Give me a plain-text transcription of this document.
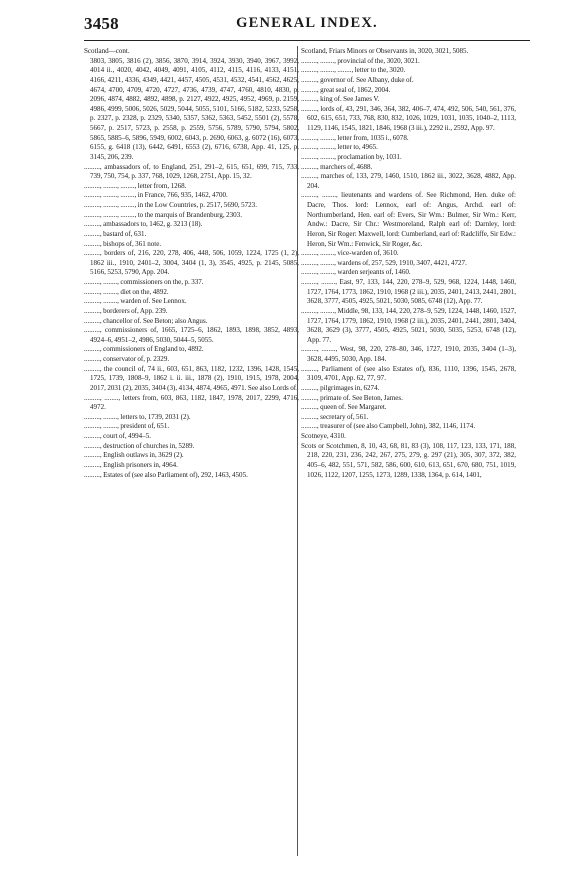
3458	GENERAL INDEX.

Scotland—cont.

3803, 3805, 3816 (2), 3856, 3870, 3914, 3924, 3930, 3940, 3967, 3992, 4014 ii., 4020, 4042, 4049, 4091, 4105, 4112, 4115, 4116, 4133, 4151, 4166, 4211, 4336, 4349, 4421, 4457, 4505, 4531, 4532, 4541, 4562, 4625, 4674, 4700, 4709, 4720, 4727, 4736, 4739, 4747, 4760, 4810, 4830, p. 2096, 4874, 4882, 4892, 4898, p. 2127, 4922, 4925, 4952, 4969, p. 2159, 4986, 4999, 5006, 5026, 5029, 5044, 5055, 5101, 5166, 5182, 5233, 5258, p. 2327, p. 2328, p. 2329, 5340, 5357, 5362, 5363, 5452, 5501 (2), 5578, 5667, p. 2517, 5723, p. 2558, p. 2559, 5756, 5789, 5790, 5794, 5802, 5865, 5885–6, 5896, 5949, 6002, 6043, p. 2690, 6063, g. 6072 (16), 6073, 6155, g. 6418 (13), 6442, 6491, 6553 (2), 6716, 6738, App. 41, 125, p. 3145, 206, 239.

........., ambassadors of, to England, 251, 291–2, 615, 651, 699, 715, 733, 739, 750, 754, p. 337, 768, 1029, 1268, 2751, App. 15, 32.

........., ........, ........, letter from, 1268.

........., ........, ........, in France, 766, 935, 1462, 4700.

........., ........, ........, in the Low Countries, p. 2517, 5690, 5723.

........., ........, ........, to the marquis of Brandenburg, 2303.

........., ambassadors to, 1462, g. 3213 (18).

........., bastard of, 631.

........., bishops of, 361 note.

........., borders of, 216, 220, 278, 406, 448, 506, 1059, 1224, 1725 (1, 2), 1862 iii., 1910, 2401–2, 3004, 3404 (1, 3), 3545, 4925, p. 2145, 5085, 5166, 5253, 5790, App. 204.

........., ........, commissioners on the, p. 337.

........., ........, diet on the, 4892.

........., ........, warden of. See Lennox.

........., borderers of, App. 239.

........., chancellor of. See Beton; also Angus.

........., commissioners of, 1665, 1725–6, 1862, 1893, 1898, 3852, 4893, 4924–6, 4951–2, 4986, 5030, 5044–5, 5055.

........., commissioners of England to, 4892.

........., conservator of, p. 2329.

........., the council of, 74 ii., 603, 651, 863, 1182, 1232, 1396, 1428, 1545, 1725, 1739, 1808–9, 1862 i. ii. iii., 1878 (2), 1910, 1915, 1978, 2004, 2017, 2031 (2), 2035, 3404 (3), 4134, 4874, 4965, 4971. See also Lords of.

........., ........, letters from, 603, 863, 1182, 1847, 1978, 2017, 2299, 4716, 4972.

........., ........, letters to, 1739, 2031 (2).

........., ........, president of, 651.

........., court of, 4994–5.

........., destruction of churches in, 5289.

........., English outlaws in, 3629 (2).

........., English prisoners in, 4964.

........., Estates of (see also Parliament of), 292, 1463, 4505.

Scotland, Friars Minors or Observants in, 3020, 3021, 5085.

........., ........, provincial of the, 3020, 3021.

........., ........, ........, letter to the, 3020.

........., governor of. See Albany, duke of.

........., great seal of, 1862, 2004.

........., king of. See James V.

........., lords of, 43, 291, 346, 364, 382, 406–7, 474, 492, 506, 540, 561, 376, 602, 615, 651, 733, 768, 830, 832, 1026, 1029, 1031, 1035, 1040–2, 1113, 1129, 1146, 1545, 1821, 1846, 1968 (3 iii.), 2292 ii., 2592, App. 97.

........., ........, letter from, 1035 i., 6078.

........., ........, letter to, 4965.

........., ........, proclamation by, 1031.

........., marchers of, 4688.

........., marches of, 133, 279, 1460, 1510, 1862 iii., 3022, 3628, 4882, App. 204.

........., ........, lieutenants and wardens of. See Richmond, Hen. duke of: Dacre, Thos. lord: Lennox, earl of: Angus, Archd. earl of: Northumberland, Hen. earl of: Evers, Sir Wm.: Bulmer, Sir Wm.: Kerr, Andw.: Dacre, Sir Chr.: Westmoreland, Ralph earl of: Darnley, lord: Heron, Sir Roger: Maxwell, lord: Cumberland, earl of: Radcliffe, Sir Edw.: Heron, Sir Wm.: Fenwick, Sir Roger, &c.

........., ........, vice-warden of, 3610.

........., ........, wardens of, 257, 529, 1910, 3407, 4421, 4727.

........., ........, warden serjeants of, 1460.

........., ........, East, 97, 133, 144, 220, 278–9, 529, 968, 1224, 1448, 1460, 1727, 1764, 1773, 1862, 1910, 1968 (2 iii.), 2035, 2401, 2413, 2441, 2801, 3628, 3777, 4505, 4925, 5021, 5030, 5085, 6748 (12), App. 77.

........., ........, Middle, 98, 133, 144, 220, 278–9, 529, 1224, 1448, 1460, 1527, 1727, 1764, 1779, 1862, 1910, 1968 (2 iii.), 2035, 2401, 2441, 2801, 3404, 3628, 3629 (3), 3777, 4505, 4925, 5021, 5030, 5035, 5253, 6748 (12), App. 77.

........., ........, West, 98, 220, 278–80, 346, 1727, 1910, 2035, 3404 (1–3), 3628, 4495, 5030, App. 184.

........., Parliament of (see also Estates of), 836, 1110, 1396, 1545, 2678, 3109, 4701, App. 62, 77, 97.

........., pilgrimages in, 6274.

........., primate of. See Beton, James.

........., queen of. See Margaret.

........., secretary of, 561.

........., treasurer of (see also Campbell, John), 382, 1146, 1174.

Scotneye, 4310.

Scots or Scotchmen, 8, 10, 43, 68, 81, 83 (3), 108, 117, 123, 133, 171, 188, 218, 220, 231, 236, 242, 267, 275, 279, g. 297 (21), 305, 307, 372, 382, 405–6, 482, 551, 571, 582, 586, 600, 610, 613, 651, 670, 680, 751, 1019, 1026, 1122, 1207, 1255, 1273, 1289, 1338, 1364, p. 614, 1401,
